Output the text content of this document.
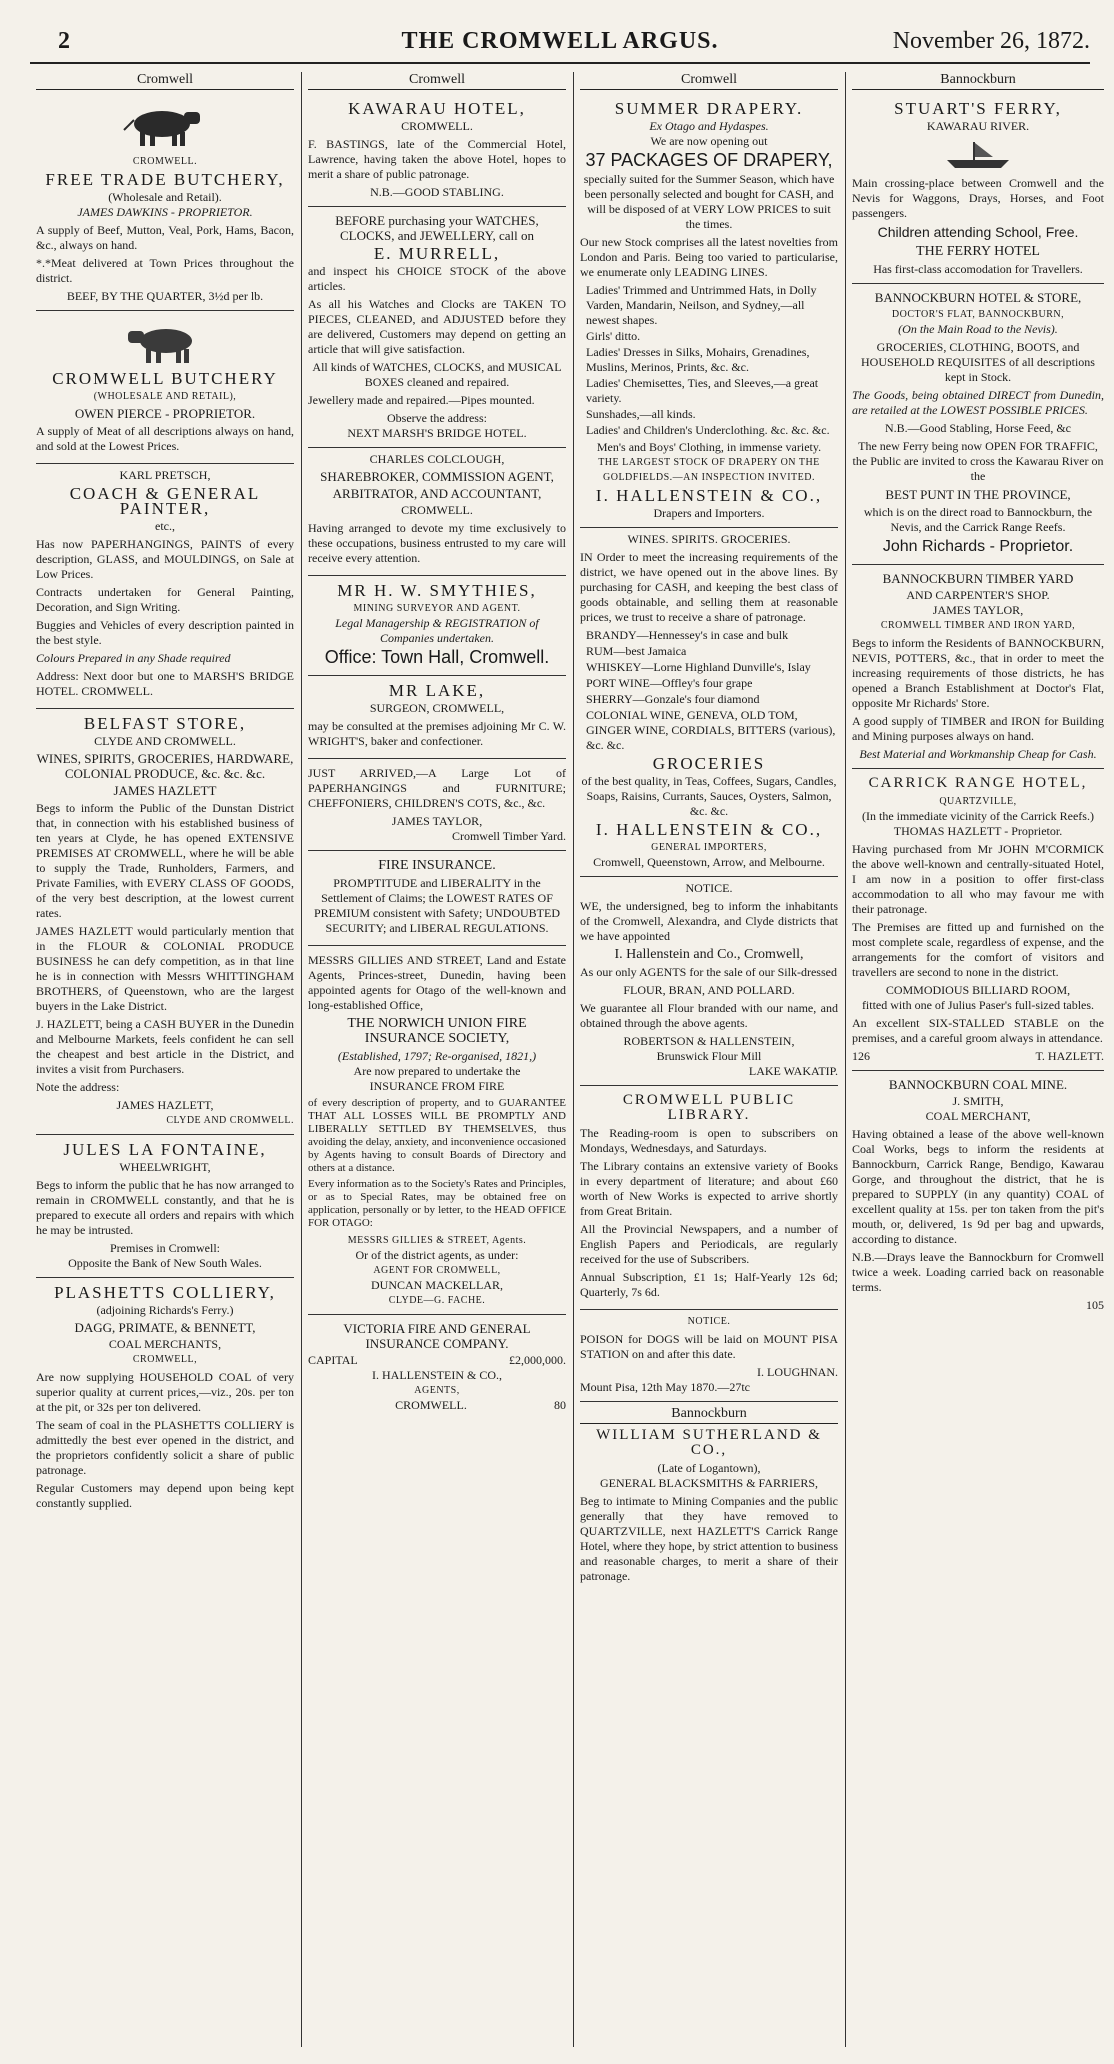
2	THE CROMWELL ARGUS.	November 26, 1872.
Cromwell
CROMWELL.
FREE TRADE BUTCHERY,
(Wholesale and Retail).
JAMES DAWKINS - PROPRIETOR.

A supply of Beef, Mutton, Veal, Pork, Hams, Bacon, &c., always on hand.

*.*Meat delivered at Town Prices throughout the district.

BEEF, BY THE QUARTER, 3½d per lb.
CROMWELL BUTCHERY
(WHOLESALE AND RETAIL),
OWEN PIERCE - PROPRIETOR.

A supply of Meat of all descriptions always on hand, and sold at the Lowest Prices.

KARL PRETSCH,
COACH & GENERAL PAINTER,
etc.,

Has now PAPERHANGINGS, PAINTS of every description, GLASS, and MOULDINGS, on Sale at Low Prices.

Contracts undertaken for General Painting, Decoration, and Sign Writing.

Buggies and Vehicles of every description painted in the best style.

Colours Prepared in any Shade required

Address: Next door but one to MARSH'S BRIDGE HOTEL. CROMWELL.

BELFAST STORE,
CLYDE AND CROMWELL.
WINES, SPIRITS, GROCERIES, HARDWARE, COLONIAL PRODUCE, &c. &c. &c.
JAMES HAZLETT

Begs to inform the Public of the Dunstan District that, in connection with his established business of ten years at Clyde, he has opened EXTENSIVE PREMISES AT CROMWELL, where he will be able to supply the Trade, Runholders, Farmers, and Private Families, with EVERY CLASS OF GOODS, of the very best description, at the lowest current rates.

JAMES HAZLETT would particularly mention that in the FLOUR & COLONIAL PRODUCE BUSINESS he can defy competition, as in that line he is in connection with Messrs WHITTINGHAM BROTHERS, of Queenstown, who are the largest buyers in the Lake District.

J. HAZLETT, being a CASH BUYER in the Dunedin and Melbourne Markets, feels confident he can sell the cheapest and best article in the District, and invites a visit from Purchasers.

Note the address:

JAMES HAZLETT,
CLYDE AND CROMWELL.
JULES LA FONTAINE,
WHEELWRIGHT,

Begs to inform the public that he has now arranged to remain in CROMWELL constantly, and that he is prepared to execute all orders and repairs with which he may be intrusted.

Premises in Cromwell:
Opposite the Bank of New South Wales.
PLASHETTS COLLIERY,
(adjoining Richards's Ferry.)
DAGG, PRIMATE, & BENNETT,
COAL MERCHANTS,
CROMWELL,

Are now supplying HOUSEHOLD COAL of very superior quality at current prices,—viz., 20s. per ton at the pit, or 32s per ton delivered.

The seam of coal in the PLASHETTS COLLIERY is admittedly the best ever opened in the district, and the proprietors confidently solicit a share of public patronage.

Regular Customers may depend upon being kept constantly supplied.

Cromwell
KAWARAU HOTEL,
CROMWELL.

F. BASTINGS, late of the Commercial Hotel, Lawrence, having taken the above Hotel, hopes to merit a share of public patronage.

N.B.—GOOD STABLING.
BEFORE purchasing your WATCHES, CLOCKS, and JEWELLERY, call on
E. MURRELL,

and inspect his CHOICE STOCK of the above articles.

As all his Watches and Clocks are TAKEN TO PIECES, CLEANED, and ADJUSTED before they are delivered, Customers may depend on getting an article that will give satisfaction.

All kinds of WATCHES, CLOCKS, and MUSICAL BOXES cleaned and repaired.

Jewellery made and repaired.—Pipes mounted.

Observe the address:
NEXT MARSH'S BRIDGE HOTEL.
CHARLES COLCLOUGH,
SHAREBROKER, COMMISSION AGENT,
ARBITRATOR, AND ACCOUNTANT,
CROMWELL.

Having arranged to devote my time exclusively to these occupations, business entrusted to my care will receive every attention.

MR H. W. SMYTHIES,
MINING SURVEYOR AND AGENT.
Legal Managership & REGISTRATION of Companies undertaken.
Office: Town Hall, Cromwell.
MR LAKE,
SURGEON, CROMWELL,

may be consulted at the premises adjoining Mr C. W. WRIGHT'S, baker and confectioner.

JUST ARRIVED,—A Large Lot of PAPERHANGINGS and FURNITURE; CHEFFONIERS, CHILDREN'S COTS, &c., &c.

JAMES TAYLOR,
Cromwell Timber Yard.
FIRE INSURANCE.

PROMPTITUDE and LIBERALITY in the Settlement of Claims; the LOWEST RATES OF PREMIUM consistent with Safety; UNDOUBTED SECURITY; and LIBERAL REGULATIONS.

MESSRS GILLIES AND STREET, Land and Estate Agents, Princes-street, Dunedin, having been appointed agents for Otago of the well-known and long-established Office,

THE NORWICH UNION FIRE INSURANCE SOCIETY,
(Established, 1797; Re-organised, 1821,)
Are now prepared to undertake the
INSURANCE FROM FIRE

of every description of property, and to GUARANTEE THAT ALL LOSSES WILL BE PROMPTLY AND LIBERALLY SETTLED BY THEMSELVES, thus avoiding the delay, anxiety, and inconvenience occasioned by Agents having to consult Boards of Directory and others at a distance.

Every information as to the Society's Rates and Principles, or as to Special Rates, may be obtained free on application, personally or by letter, to the HEAD OFFICE FOR OTAGO:

MESSRS GILLIES & STREET, Agents.
Or of the district agents, as under:
AGENT FOR CROMWELL,
DUNCAN MACKELLAR,
CLYDE—G. FACHE.
VICTORIA FIRE AND GENERAL INSURANCE COMPANY.
CAPITAL	£2,000,000.
I. HALLENSTEIN & CO.,
AGENTS,
CROMWELL.	80
Cromwell
SUMMER DRAPERY.
Ex Otago and Hydaspes.
We are now opening out
37 PACKAGES OF DRAPERY,

specially suited for the Summer Season, which have been personally selected and bought for CASH, and will be disposed of at VERY LOW PRICES to suit the times.

Our new Stock comprises all the latest novelties from London and Paris. Being too varied to particularise, we enumerate only LEADING LINES.

• Ladies' Trimmed and Untrimmed Hats, in Dolly Varden, Mandarin, Neilson, and Sydney,—all newest shapes.
• Girls' ditto.
• Ladies' Dresses in Silks, Mohairs, Grenadines, Muslins, Merinos, Prints, &c. &c.
• Ladies' Chemisettes, Ties, and Sleeves,—a great variety.
• Sunshades,—all kinds.
• Ladies' and Children's Underclothing. &c. &c. &c.
Men's and Boys' Clothing, in immense variety.
THE LARGEST STOCK OF DRAPERY ON THE GOLDFIELDS.—AN INSPECTION INVITED.
I. HALLENSTEIN & CO.,
Drapers and Importers.
WINES. SPIRITS. GROCERIES.

IN Order to meet the increasing requirements of the district, we have opened out in the above lines. By purchasing for CASH, and keeping the best class of goods obtainable, and selling them at reasonable prices, we trust to receive a share of patronage.

• BRANDY—Hennessey's in case and bulk
• RUM—best Jamaica
• WHISKEY—Lorne Highland Dunville's, Islay
• PORT WINE—Offley's four grape
• SHERRY—Gonzale's four diamond
• COLONIAL WINE, GENEVA, OLD TOM, GINGER WINE, CORDIALS, BITTERS (various), &c. &c.
GROCERIES

of the best quality, in Teas, Coffees, Sugars, Candles, Soaps, Raisins, Currants, Sauces, Oysters, Salmon, &c. &c.

I. HALLENSTEIN & CO.,
GENERAL IMPORTERS,
Cromwell, Queenstown, Arrow, and Melbourne.
NOTICE.

WE, the undersigned, beg to inform the inhabitants of the Cromwell, Alexandra, and Clyde districts that we have appointed

I. Hallenstein and Co., Cromwell,

As our only AGENTS for the sale of our Silk-dressed

FLOUR, BRAN, AND POLLARD.

We guarantee all Flour branded with our name, and obtained through the above agents.

ROBERTSON & HALLENSTEIN,
Brunswick Flour Mill
LAKE WAKATIP.
CROMWELL PUBLIC LIBRARY.

The Reading-room is open to subscribers on Mondays, Wednesdays, and Saturdays.

The Library contains an extensive variety of Books in every department of literature; and about £60 worth of New Works is expected to arrive shortly from Great Britain.

All the Provincial Newspapers, and a number of English Papers and Periodicals, are regularly received for the use of Subscribers.

Annual Subscription, £1 1s; Half-Yearly 12s 6d; Quarterly, 7s 6d.

NOTICE.

POISON for DOGS will be laid on MOUNT PISA STATION on and after this date.

I. LOUGHNAN.
Mount Pisa, 12th May 1870.—27tc
Bannockburn
WILLIAM SUTHERLAND & CO.,
(Late of Logantown),
GENERAL BLACKSMITHS & FARRIERS,

Beg to intimate to Mining Companies and the public generally that they have removed to QUARTZVILLE, next HAZLETT'S Carrick Range Hotel, where they hope, by strict attention to business and reasonable charges, to merit a share of their patronage.

Bannockburn
STUART'S FERRY,
KAWARAU RIVER.

Main crossing-place between Cromwell and the Nevis for Waggons, Drays, Horses, and Foot passengers.

Children attending School, Free.
THE FERRY HOTEL
Has first-class accomodation for Travellers.
BANNOCKBURN HOTEL & STORE,
DOCTOR'S FLAT, BANNOCKBURN,
(On the Main Road to the Nevis).

GROCERIES, CLOTHING, BOOTS, and HOUSEHOLD REQUISITES of all descriptions kept in Stock.

The Goods, being obtained DIRECT from Dunedin, are retailed at the LOWEST POSSIBLE PRICES.

N.B.—Good Stabling, Horse Feed, &c

The new Ferry being now OPEN FOR TRAFFIC, the Public are invited to cross the Kawarau River on the

BEST PUNT IN THE PROVINCE,

which is on the direct road to Bannockburn, the Nevis, and the Carrick Range Reefs.

John Richards - Proprietor.
BANNOCKBURN TIMBER YARD
AND CARPENTER'S SHOP.
JAMES TAYLOR,
CROMWELL TIMBER AND IRON YARD,

Begs to inform the Residents of BANNOCKBURN, NEVIS, POTTERS, &c., that in order to meet the increasing requirements of those districts, he has opened a Branch Establishment at Doctor's Flat, opposite Mr Richards' Store.

A good supply of TIMBER and IRON for Building and Mining purposes always on hand.

Best Material and Workmanship Cheap for Cash.
CARRICK RANGE HOTEL,
QUARTZVILLE,
(In the immediate vicinity of the Carrick Reefs.)
THOMAS HAZLETT - Proprietor.

Having purchased from Mr JOHN M'CORMICK the above well-known and centrally-situated Hotel, I am now in a position to offer first-class accommodation to all who may favour me with their patronage.

The Premises are fitted up and furnished on the most complete scale, regardless of expense, and the arrangements for the comfort of visitors and travellers are second to none in the district.

COMMODIOUS BILLIARD ROOM,
fitted with one of Julius Paser's full-sized tables.

An excellent SIX-STALLED STABLE on the premises, and a careful groom always in attendance.

126	T. HAZLETT.
BANNOCKBURN COAL MINE.
J. SMITH,
COAL MERCHANT,

Having obtained a lease of the above well-known Coal Works, begs to inform the residents at Bannockburn, Carrick Range, Bendigo, Kawarau Gorge, and throughout the district, that he is prepared to SUPPLY (in any quantity) COAL of excellent quality at 15s. per ton taken from the pit's mouth, or, delivered, 1s 9d per bag and upwards, according to distance.

N.B.—Drays leave the Bannockburn for Cromwell twice a week. Loading carried back on reasonable terms.

105
